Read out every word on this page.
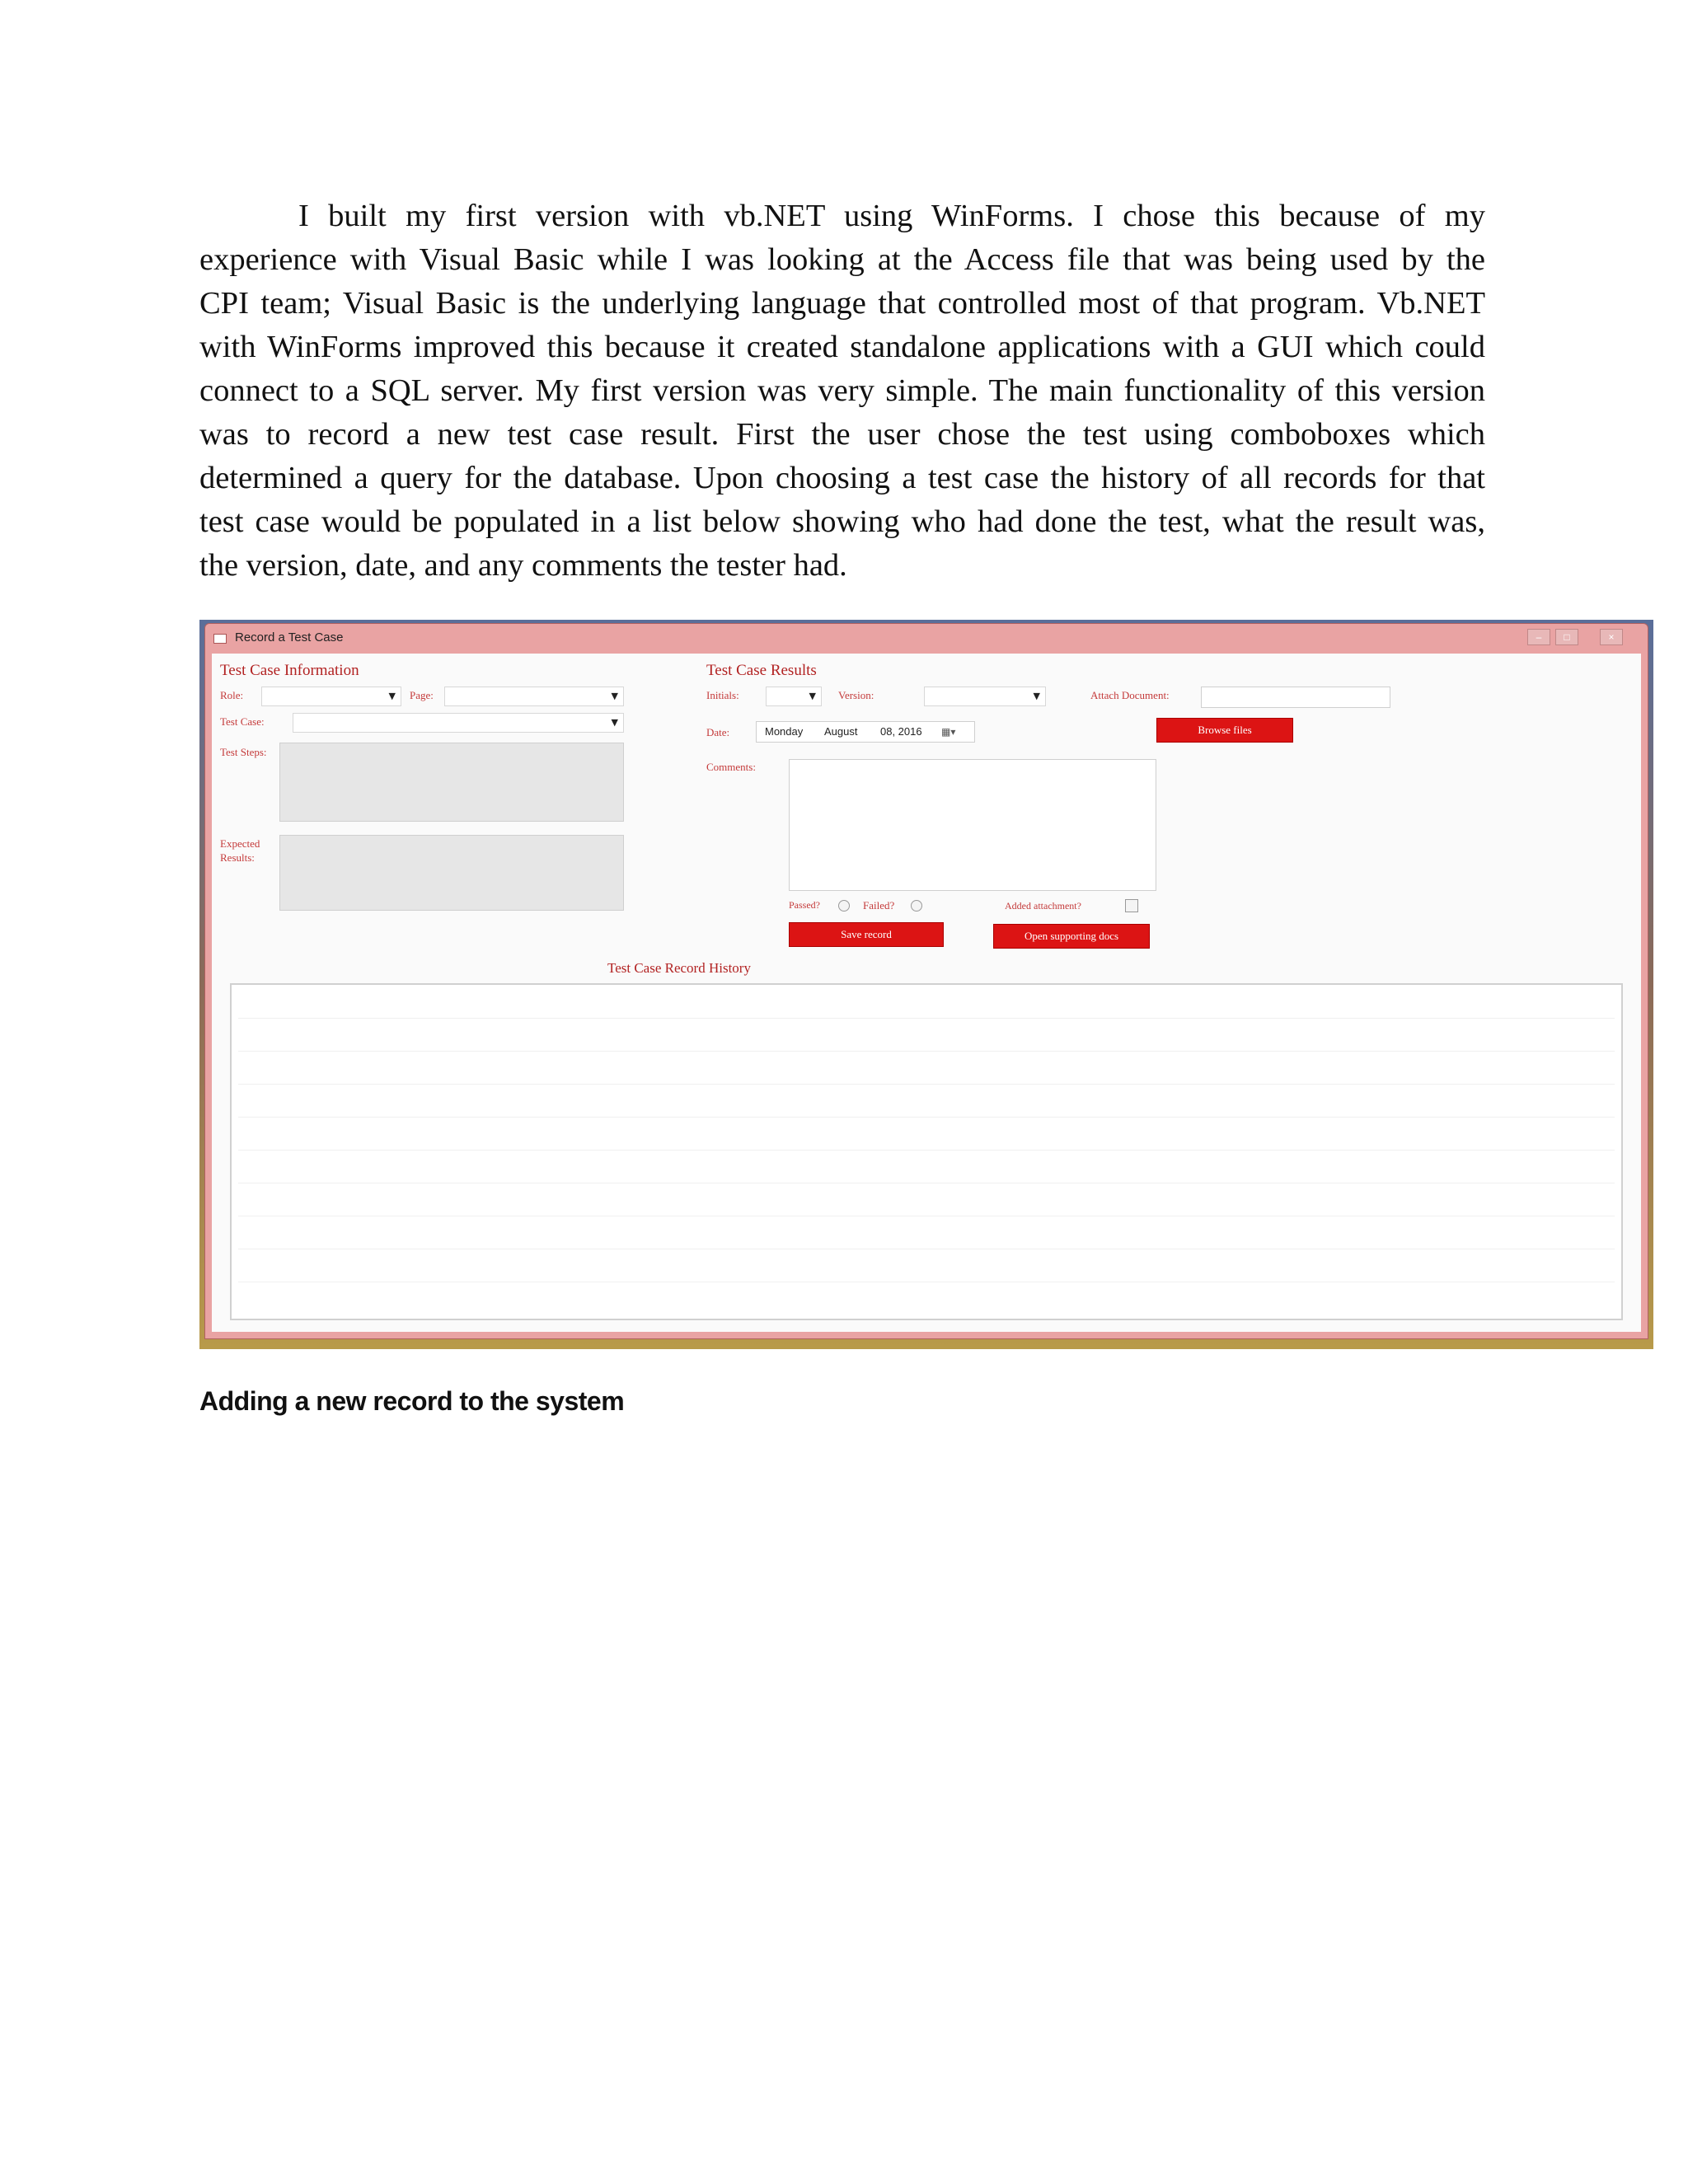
I built my first version with vb.NET using WinForms. I chose this because of my
experience with Visual Basic while I was looking at the Access file that was being used by the
CPI team; Visual Basic is the underlying language that controlled most of that program. Vb.NET
with WinForms improved this because it created standalone applications with a GUI which could
connect to a SQL server. My first version was very simple. The main functionality of this version
was to record a new test case result. First the user chose the test using comboboxes which
determined a query for the database. Upon choosing a test case the history of all records for that
test case would be populated in a list below showing who had done the test, what the result was,
the version, date, and any comments the tester had.
Record a Test Case	–	□	×
Test Case Information
Role:	▼ Page:	▼
Test Case:	▼
Test Steps:
Expected Results:
Test Case Results
Initials:	▼ Version:	▼	Attach Document:
Date:	Monday August 08, 2016 ▦▾	Browse files
Comments:
Passed?	Failed?	Added attachment?
Save record	Open supporting docs
Test Case Record History
Adding a new record to the system
